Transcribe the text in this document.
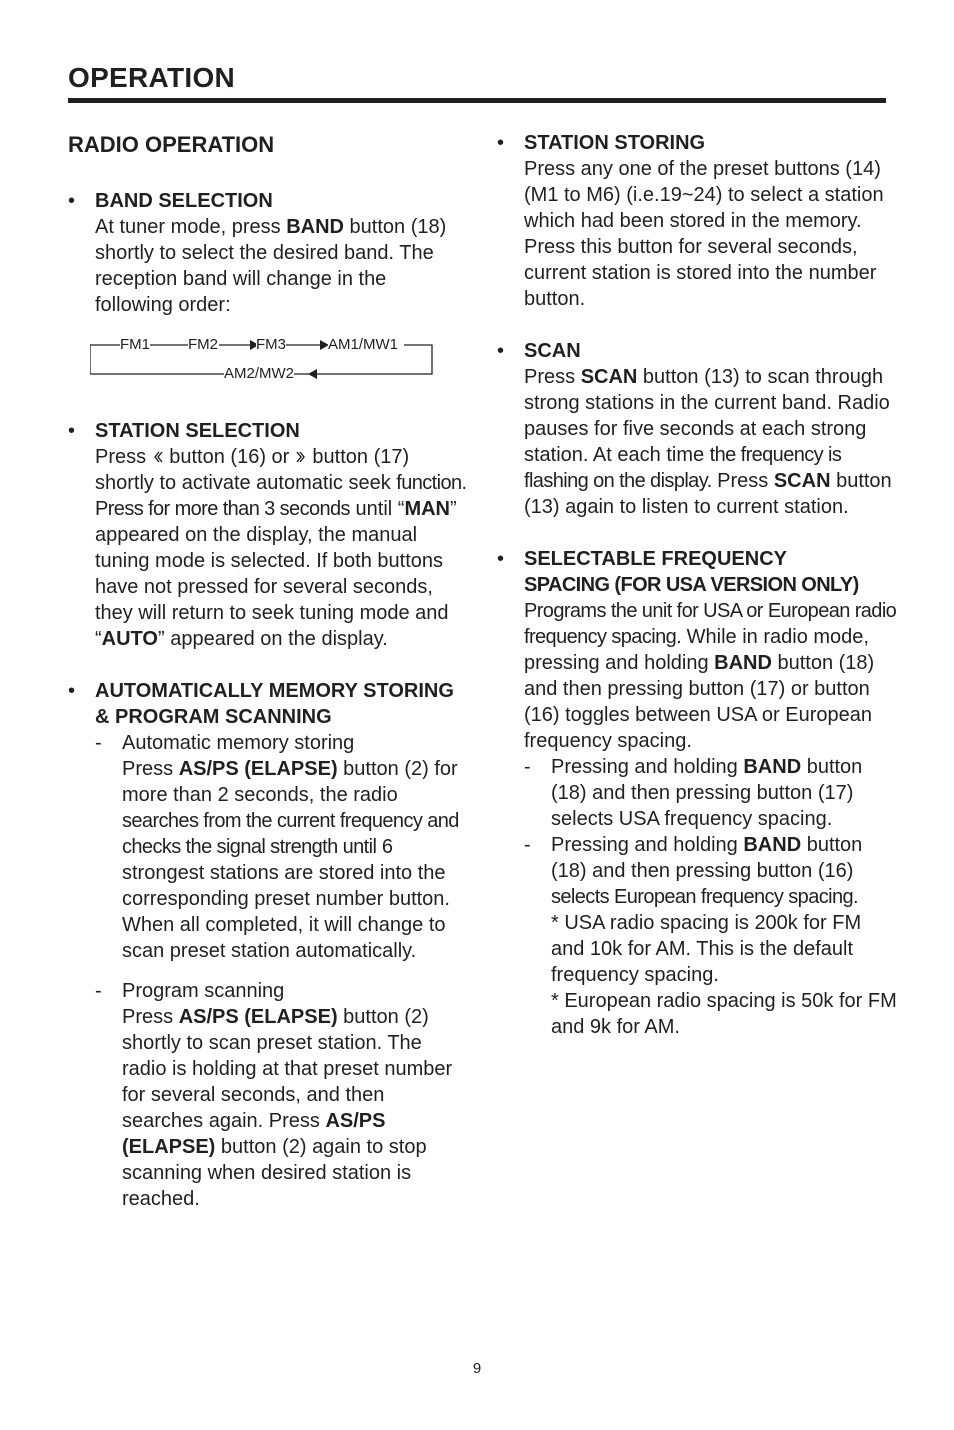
OPERATION
RADIO OPERATION
• BAND SELECTION
At tuner mode, press BAND button (18) shortly to select the desired band. The reception band will change in the following order:
FM1	FM2	FM3	AM1/MW1
AM2/MW2
• STATION SELECTION
Press  button (16) or  button (17) shortly to activate automatic seek function. Press for more than 3 seconds until “MAN” appeared on the display, the manual tuning mode is selected. If both buttons have not pressed for several seconds, they will return to seek tuning mode and “AUTO” appeared on the display.
• AUTOMATICALLY MEMORY STORING & PROGRAM SCANNING
- Automatic memory storing
Press AS/PS (ELAPSE) button (2) for more than 2 seconds, the radio searches from the current frequency and checks the signal strength until 6 strongest stations are stored into the corresponding preset number button. When all completed, it will change to scan preset station automatically.
- Program scanning
Press AS/PS (ELAPSE) button (2) shortly to scan preset station. The radio is holding at that preset number for several seconds, and then searches again. Press AS/PS (ELAPSE) button (2) again to stop scanning when desired station is reached.
• STATION STORING
Press any one of the preset buttons (14) (M1 to M6) (i.e.19~24) to select a station which had been stored in the memory. Press this button for several seconds, current station is stored into the number button.
• SCAN
Press SCAN button (13) to scan through strong stations in the current band. Radio pauses for five seconds at each strong station. At each time the frequency is flashing on the display. Press SCAN button (13) again to listen to current station.
• SELECTABLE FREQUENCY
SPACING (FOR USA VERSION ONLY)
Programs the unit for USA or European radio frequency spacing. While in radio mode, pressing and holding BAND button (18) and then pressing button (17) or button (16) toggles between USA or European frequency spacing.
- Pressing and holding BAND button (18) and then pressing button (17) selects USA frequency spacing.
- Pressing and holding BAND button (18) and then pressing button (16) selects European frequency spacing.
* USA radio spacing is 200k for FM and 10k for AM. This is the default frequency spacing.
* European radio spacing is 50k for FM and 9k for AM.
9
